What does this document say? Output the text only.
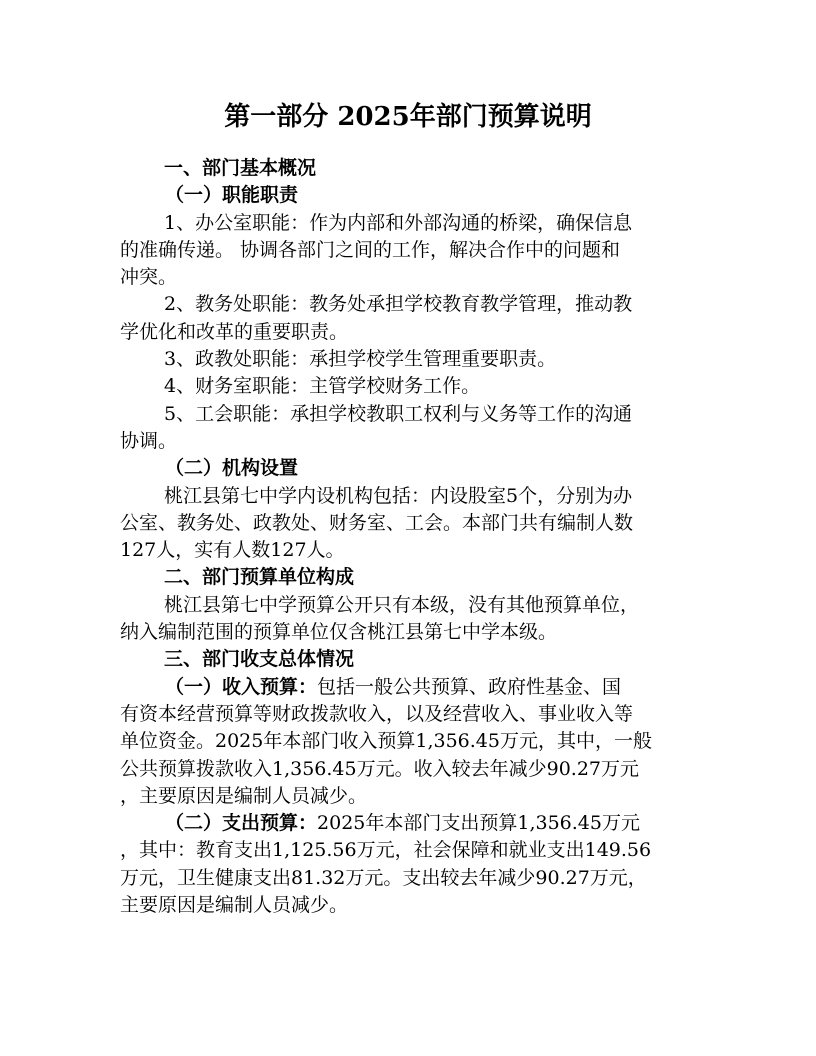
第一部分 2025年部门预算说明
一、部门基本概况
（一）职能职责
1、办公室职能：作为内部和外部沟通的桥梁，确保信息
的准确传递。 协调各部门之间的工作，解决合作中的问题和
冲突。
2、教务处职能：教务处承担学校教育教学管理，推动教
学优化和改革的重要职责。
3、政教处职能：承担学校学生管理重要职责。
4、财务室职能：主管学校财务工作。
5、工会职能：承担学校教职工权利与义务等工作的沟通
协调。
（二）机构设置
桃江县第七中学内设机构包括：内设股室5个，分别为办
公室、教务处、政教处、财务室、工会。本部门共有编制人数
127人，实有人数127人。
二、部门预算单位构成
桃江县第七中学预算公开只有本级，没有其他预算单位，
纳入编制范围的预算单位仅含桃江县第七中学本级。
三、部门收支总体情况
（一）收入预算：包括一般公共预算、政府性基金、国
有资本经营预算等财政拨款收入，以及经营收入、事业收入等
单位资金。2025年本部门收入预算1,356.45万元，其中，一般
公共预算拨款收入1,356.45万元。收入较去年减少90.27万元
，主要原因是编制人员减少。
（二）支出预算：2025年本部门支出预算1,356.45万元
，其中：教育支出1,125.56万元，社会保障和就业支出149.56
万元，卫生健康支出81.32万元。支出较去年减少90.27万元，
主要原因是编制人员减少。
